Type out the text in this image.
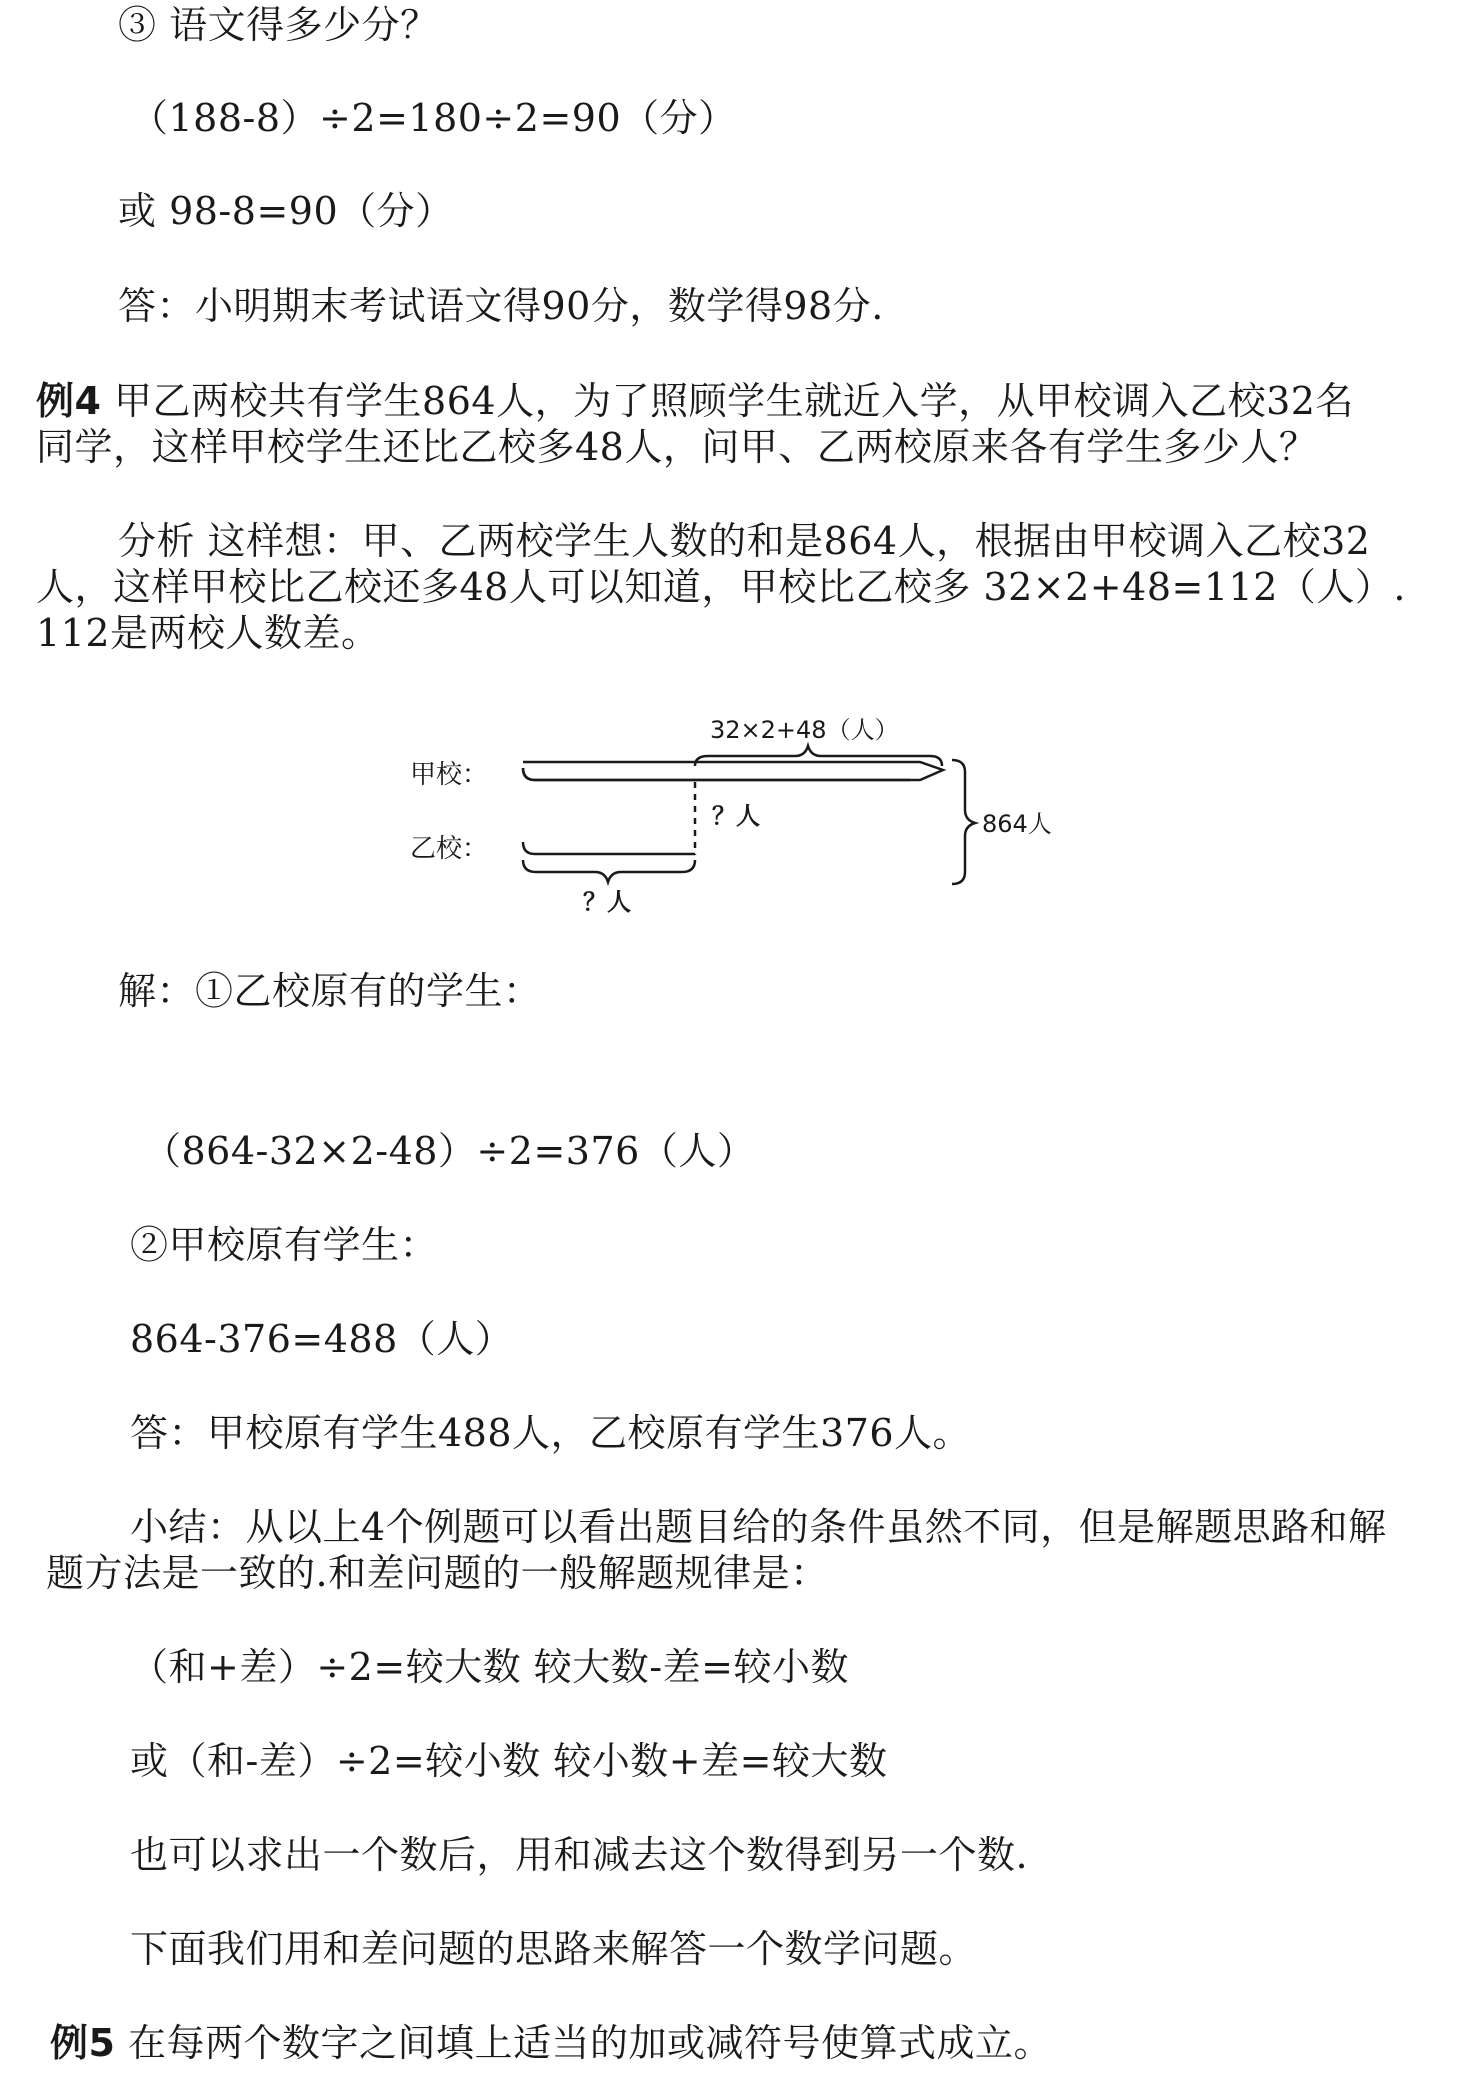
③ 语文得多少分？
（188-8）÷2=180÷2=90（分）
或 98-8=90（分）
答：小明期末考试语文得90分，数学得98分.
例4 甲乙两校共有学生864人，为了照顾学生就近入学，从甲校调入乙校32名
同学，这样甲校学生还比乙校多48人，问甲、乙两校原来各有学生多少人？
分析 这样想：甲、乙两校学生人数的和是864人，根据由甲校调入乙校32
人，这样甲校比乙校还多48人可以知道，甲校比乙校多 32×2+48=112（人）.
112是两校人数差。
甲校：
乙校：
32×2+48（人）
？人
？人
864人
解：①乙校原有的学生：
（864-32×2-48）÷2=376（人）
②甲校原有学生：
864-376=488（人）
答：甲校原有学生488人，乙校原有学生376人。
小结：从以上4个例题可以看出题目给的条件虽然不同，但是解题思路和解
题方法是一致的.和差问题的一般解题规律是：
（和+差）÷2=较大数 较大数-差=较小数
或（和-差）÷2=较小数 较小数+差=较大数
也可以求出一个数后，用和减去这个数得到另一个数.
下面我们用和差问题的思路来解答一个数学问题。
例5 在每两个数字之间填上适当的加或减符号使算式成立。
